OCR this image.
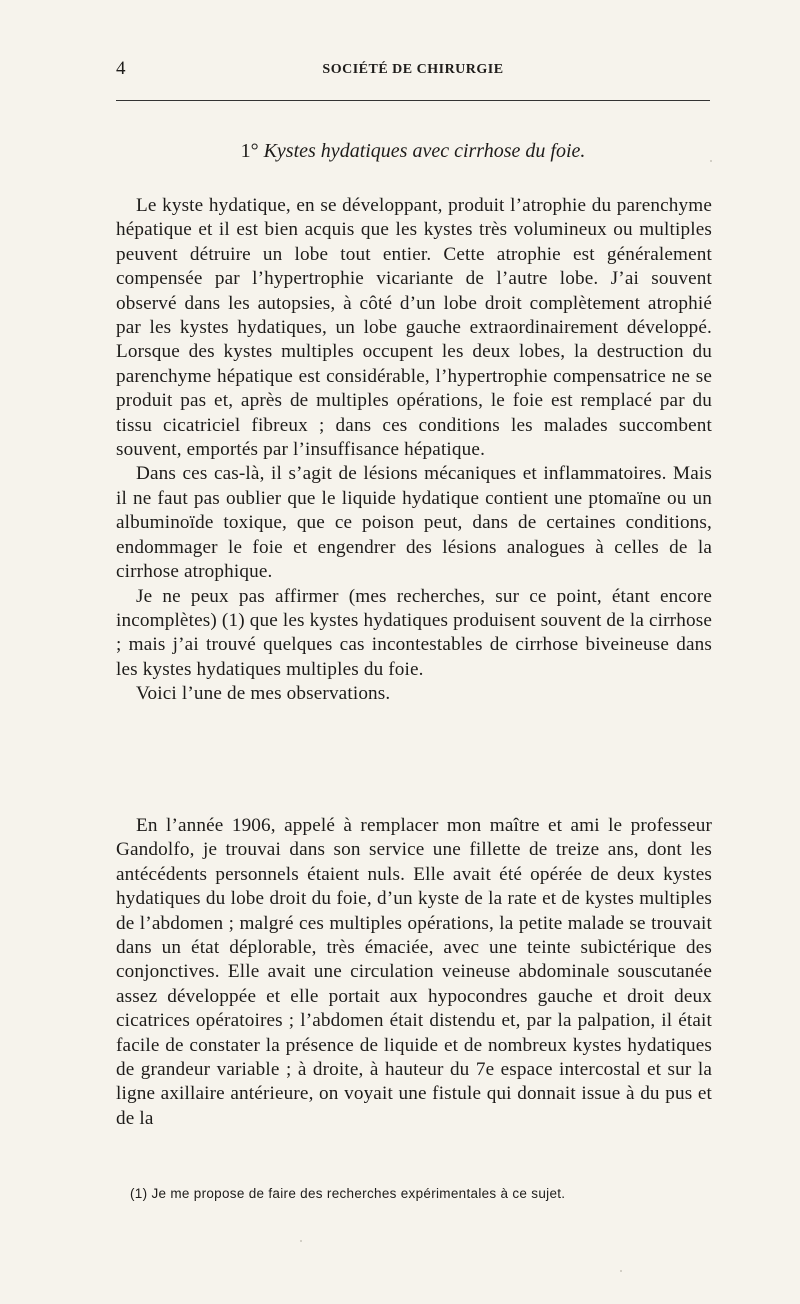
4	SOCIÉTÉ DE CHIRURGIE
1° Kystes hydatiques avec cirrhose du foie.

Le kyste hydatique, en se développant, produit l’atrophie du parenchyme hépatique et il est bien acquis que les kystes très volumineux ou multiples peuvent détruire un lobe tout entier. Cette atrophie est généralement compensée par l’hypertrophie vicariante de l’autre lobe. J’ai souvent observé dans les autopsies, à côté d’un lobe droit complètement atrophié par les kystes hydatiques, un lobe gauche extraordinairement développé. Lorsque des kystes multiples occupent les deux lobes, la destruction du parenchyme hépatique est considérable, l’hypertrophie compensatrice ne se produit pas et, après de multiples opérations, le foie est remplacé par du tissu cicatriciel fibreux ; dans ces conditions les malades succombent souvent, emportés par l’insuffisance hépatique.

Dans ces cas-là, il s’agit de lésions mécaniques et inflammatoires. Mais il ne faut pas oublier que le liquide hydatique contient une ptomaïne ou un albuminoïde toxique, que ce poison peut, dans de certaines conditions, endommager le foie et engendrer des lésions analogues à celles de la cirrhose atrophique.

Je ne peux pas affirmer (mes recherches, sur ce point, étant encore incomplètes) (1) que les kystes hydatiques produisent souvent de la cirrhose ; mais j’ai trouvé quelques cas incontestables de cirrhose biveineuse dans les kystes hydatiques multiples du foie.

Voici l’une de mes observations.

En l’année 1906, appelé à remplacer mon maître et ami le professeur Gandolfo, je trouvai dans son service une fillette de treize ans, dont les antécédents personnels étaient nuls. Elle avait été opérée de deux kystes hydatiques du lobe droit du foie, d’un kyste de la rate et de kystes multiples de l’abdomen ; malgré ces multiples opérations, la petite malade se trouvait dans un état déplorable, très émaciée, avec une teinte subictérique des conjonctives. Elle avait une circulation veineuse abdominale souscutanée assez développée et elle portait aux hypocondres gauche et droit deux cicatrices opératoires ; l’abdomen était distendu et, par la palpation, il était facile de constater la présence de liquide et de nombreux kystes hydatiques de grandeur variable ; à droite, à hauteur du 7e espace intercostal et sur la ligne axillaire antérieure, on voyait une fistule qui donnait issue à du pus et de la

(1) Je me propose de faire des recherches expérimentales à ce sujet.
